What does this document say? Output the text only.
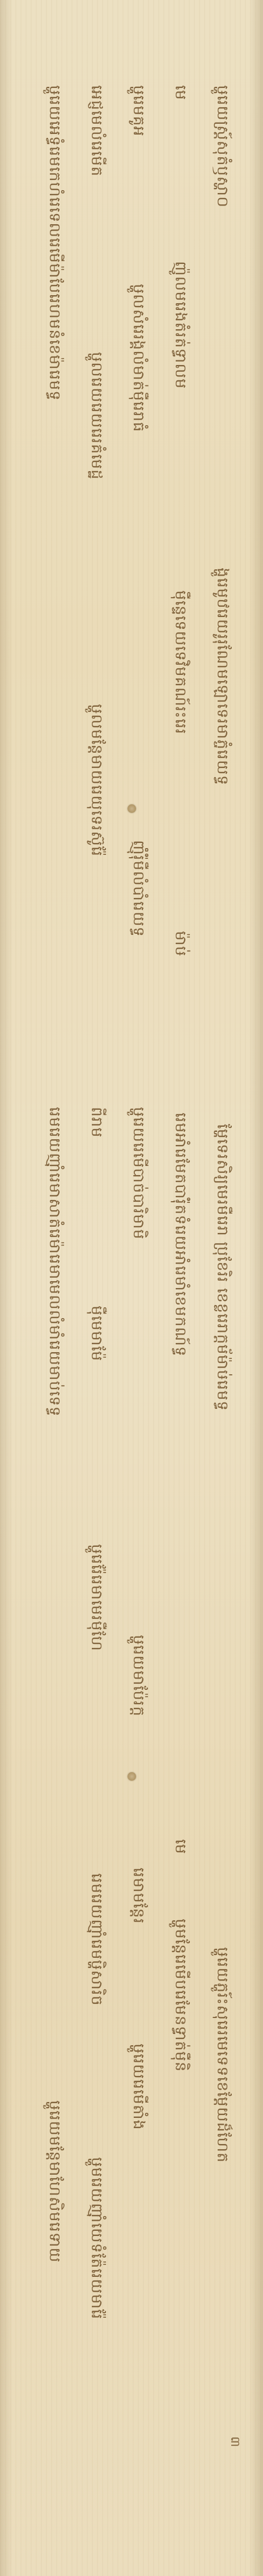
ឞ្ហូរេយស្រ្ត៍សុតំឫស្ហា០
ង្ហូរេមូឋរេយរូរុណែមឡោទេរមាភ្ចំរេយទ្ធ
ម្ហែទេរសិរ្យមេរមឺរេរា ប្រុខែរិរ ខេខ្លរេរាក្តម័ម៉ាឞ់រេមទ្ធ
ឞ្ហូរេយភ្ហូរ៍ះសុរេរមេទេទខេម្តែយដ៏ហែត
មេ
ញ៉ូលមរេងតំរត់ទ្ធាលម
ម៉ឺន្ទេទេយទេវិមគណ៍រះរេរ
ម៉ាឞ់
រេមអាំរេមែតបារ៉ុំតទំរេយអាំរេមាំខេមកណ៍ទ្ធ
មេ
ឞ្ហូមន្តែរេមើបរេមែនទ្ធាត់ម៉ឺនិ
ឞ្ហូរេមគូអ
ឞ្ហូលសំរេរង្គលំមាត់ម៉ឺរេរាធំ
ញ៉ុំរ៉ុំមឺលំបាំរេយទ្ធ
ឞ្ហូរេយរេមើបាច់បារិមាមិ
ឞ្ហូរេយមាប៉ែរក្ត
រេមាមន្តែរ
ឞ្ហូរេយរេមើតាំង
អេជ្ញមេលំរេមើត
ឞ្ហូលរេយរេយរេរគំមេដ្ឋ
ឞ្ហូលមន្តែមាយរេយុទេរស៊ូរ៉ែ
ពីរាម
ម៉ឺមេមាម៉ែ
ឞ្ហូរេរ៉ែរេមាមេរម៉ឺហែ
រេមរេយញ៉ាំរេមឞ្ហិសារិច
ឞ្ហូមរេយញ៉ាំយេទំត៉ែរេយមារ៉ែ
ឞ្ហូរេយអេទ្ធំរេមកេហំរេទេលរេមើម៉ាបែរេហមនំខេម៉ារេមទ្ធ
រេមរេយញ៉ាំរេមាសាតំរេម៉ារេមាមេលលំមាំរេយមាប់ទេទ្ធ
ឞ្ហូរេយមន្តែមាហែសិមរេទាយ
៣
